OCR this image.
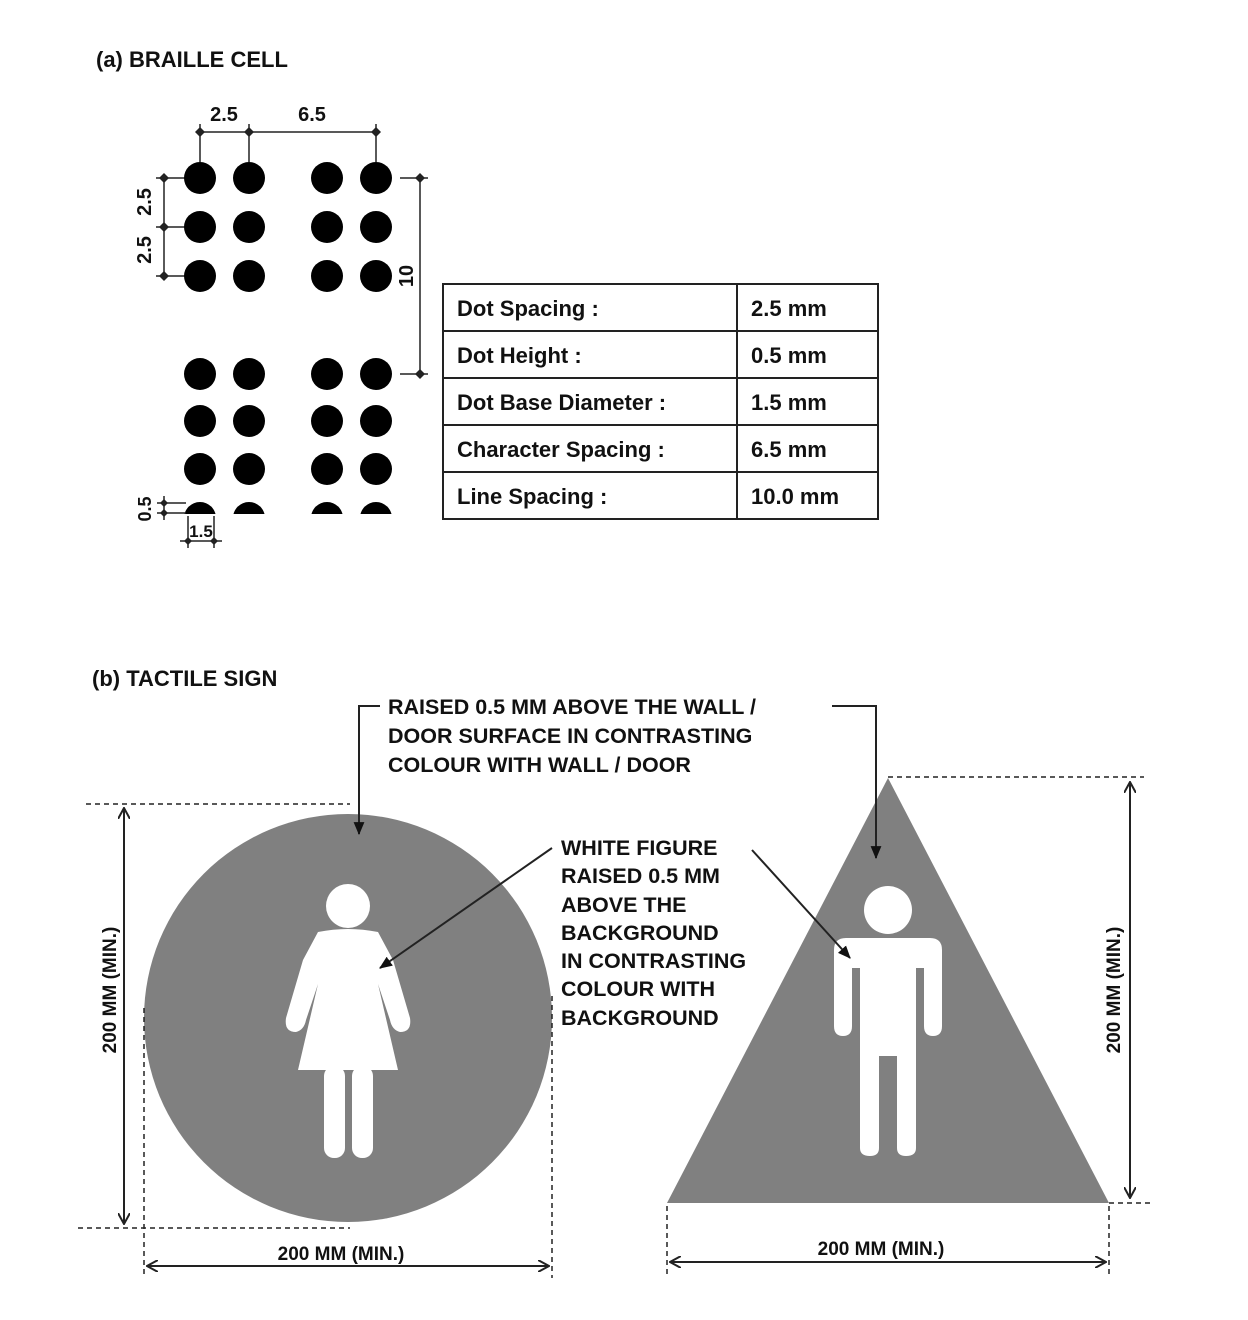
(a) BRAILLE CELL
2.5	6.5
2.5
2.5
10
0.5
1.5
Dot Spacing :	2.5 mm
Dot Height :	0.5 mm
Dot Base Diameter :	1.5 mm
Character Spacing :	6.5 mm
Line Spacing :	10.0 mm
(b) TACTILE SIGN
RAISED 0.5 MM ABOVE THE WALL /
DOOR SURFACE IN CONTRASTING
COLOUR WITH WALL / DOOR
WHITE FIGURE
RAISED 0.5 MM
ABOVE THE
BACKGROUND
IN CONTRASTING
COLOUR WITH
BACKGROUND
200 MM (MIN.)
200 MM (MIN.)
200 MM (MIN.)
200 MM (MIN.)
